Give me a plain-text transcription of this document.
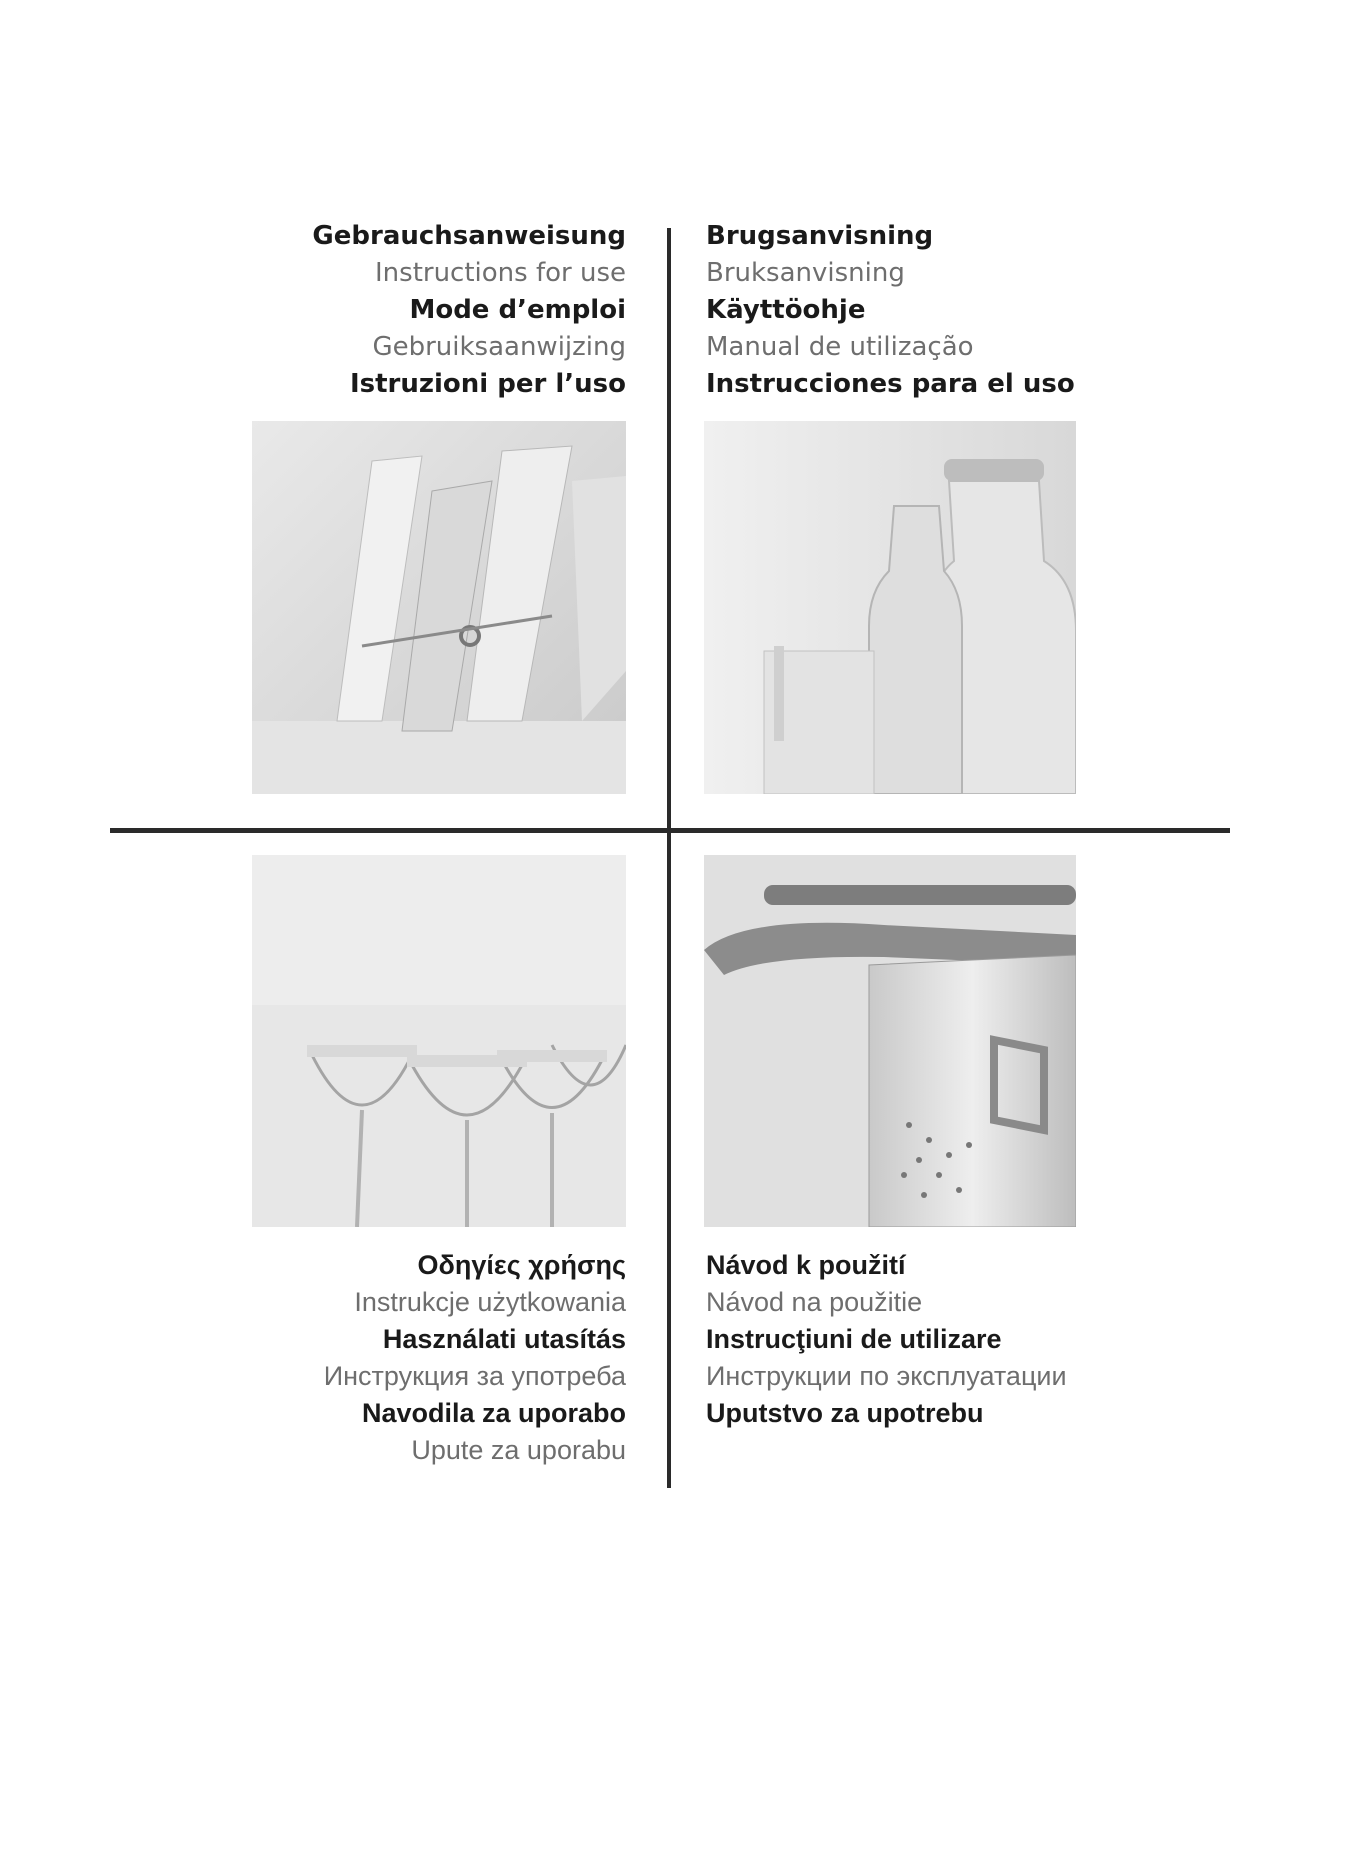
Gebrauchsanweisung
Instructions for use
Mode d’emploi
Gebruiksaanwijzing
Istruzioni per l’uso
Brugsanvisning
Bruksanvisning
Käyttöohje
Manual de utilização
Instrucciones para el uso
Οδηγίες χρήσης
Instrukcje użytkowania
Használati utasítás
Инструкция за употреба
Navodila za uporabo
Upute za uporabu
Návod k použití
Návod na použitie
Instrucţiuni de utilizare
Инструкции по эксплуатации
Uputstvo za upotrebu
